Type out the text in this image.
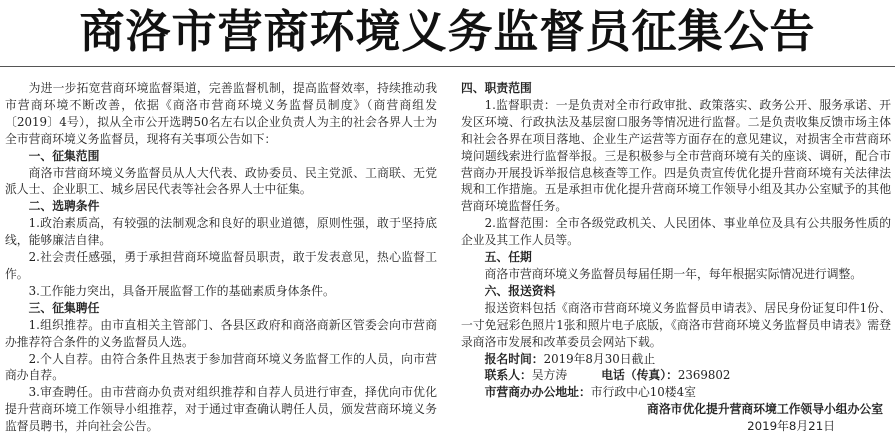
商洛市营商环境义务监督员征集公告

为进一步拓宽营商环境监督渠道，完善监督机制，提高监督效率，持续推动我市营商环境不断改善，依据《商洛市营商环境义务监督员制度》（商营商组发〔2019〕4号），拟从全市公开选聘50名左右以企业负责人为主的社会各界人士为全市营商环境义务监督员，现将有关事项公告如下：

一、征集范围

商洛市营商环境义务监督员从人大代表、政协委员、民主党派、工商联、无党派人士、企业职工、城乡居民代表等社会各界人士中征集。

二、选聘条件

1.政治素质高，有较强的法制观念和良好的职业道德，原则性强，敢于坚持底线，能够廉洁自律。

2.社会责任感强，勇于承担营商环境监督员职责，敢于发表意见，热心监督工作。

3.工作能力突出，具备开展监督工作的基础素质身体条件。

三、征集聘任

1.组织推荐。由市直相关主管部门、各县区政府和商洛商新区管委会向市营商办推荐符合条件的义务监督员人选。

2.个人自荐。由符合条件且热衷于参加营商环境义务监督工作的人员，向市营商办自荐。

3.审查聘任。由市营商办负责对组织推荐和自荐人员进行审查，择优向市优化提升营商环境工作领导小组推荐，对于通过审查确认聘任人员，颁发营商环境义务监督员聘书，并向社会公告。

四、职责范围

1.监督职责：一是负责对全市行政审批、政策落实、政务公开、服务承诺、开发区环境、行政执法及基层窗口服务等情况进行监督。二是负责收集反馈市场主体和社会各界在项目落地、企业生产运营等方面存在的意见建议，对损害全市营商环境问题线索进行监督举报。三是积极参与全市营商环境有关的座谈、调研，配合市营商办开展投诉举报信息核查等工作。四是负责宣传优化提升营商环境有关法律法规和工作措施。五是承担市优化提升营商环境工作领导小组及其办公室赋予的其他营商环境监督任务。

2.监督范围：全市各级党政机关、人民团体、事业单位及具有公共服务性质的企业及其工作人员等。

五、任期

商洛市营商环境义务监督员每届任期一年，每年根据实际情况进行调整。

六、报送资料

报送资料包括《商洛市营商环境义务监督员申请表》、居民身份证复印件1份、一寸免冠彩色照片1张和照片电子底版，《商洛市营商环境义务监督员申请表》需登录商洛市发展和改革委员会网站下载。

报名时间：2019年8月30日截止

联系人：吴方涛	电话（传真）：2369802

市营商办办公地址：市行政中心10楼4室

商洛市优化提升营商环境工作领导小组办公室

2019年8月21日
